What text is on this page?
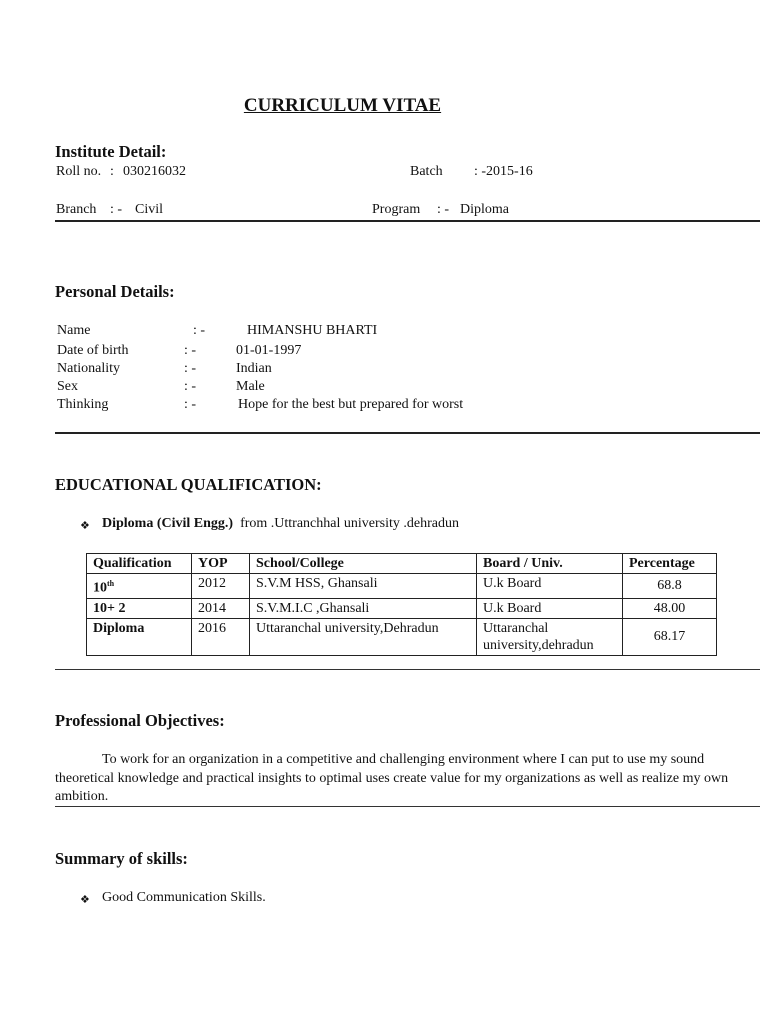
CURRICULUM VITAE
Institute Detail:
Roll no. : 030216032	Batch : -2015-16
Branch : - Civil	Program : - Diploma
Personal Details:
Name	: -	HIMANSHU BHARTI
Date of birth	: -	01-01-1997
Nationality	: -	Indian
Sex	: -	Male
Thinking	: -	Hope for the best but prepared for worst
EDUCATIONAL QUALIFICATION:
❖ Diploma (Civil Engg.) from .Uttranchhal university .dehradun
Qualification	YOP	School/College	Board / Univ.	Percentage
10th	2012	S.V.M HSS, Ghansali	U.k Board	68.8
10+ 2	2014	S.V.M.I.C ,Ghansali	U.k Board	48.00
Diploma	2016	Uttaranchal university,Dehradun	Uttaranchal university,dehradun	68.17
Professional Objectives:
To work for an organization in a competitive and challenging environment where I can put to use my sound theoretical knowledge and practical insights to optimal uses create value for my organizations as well as realize my own ambition.
Summary of skills:
❖ Good Communication Skills.
